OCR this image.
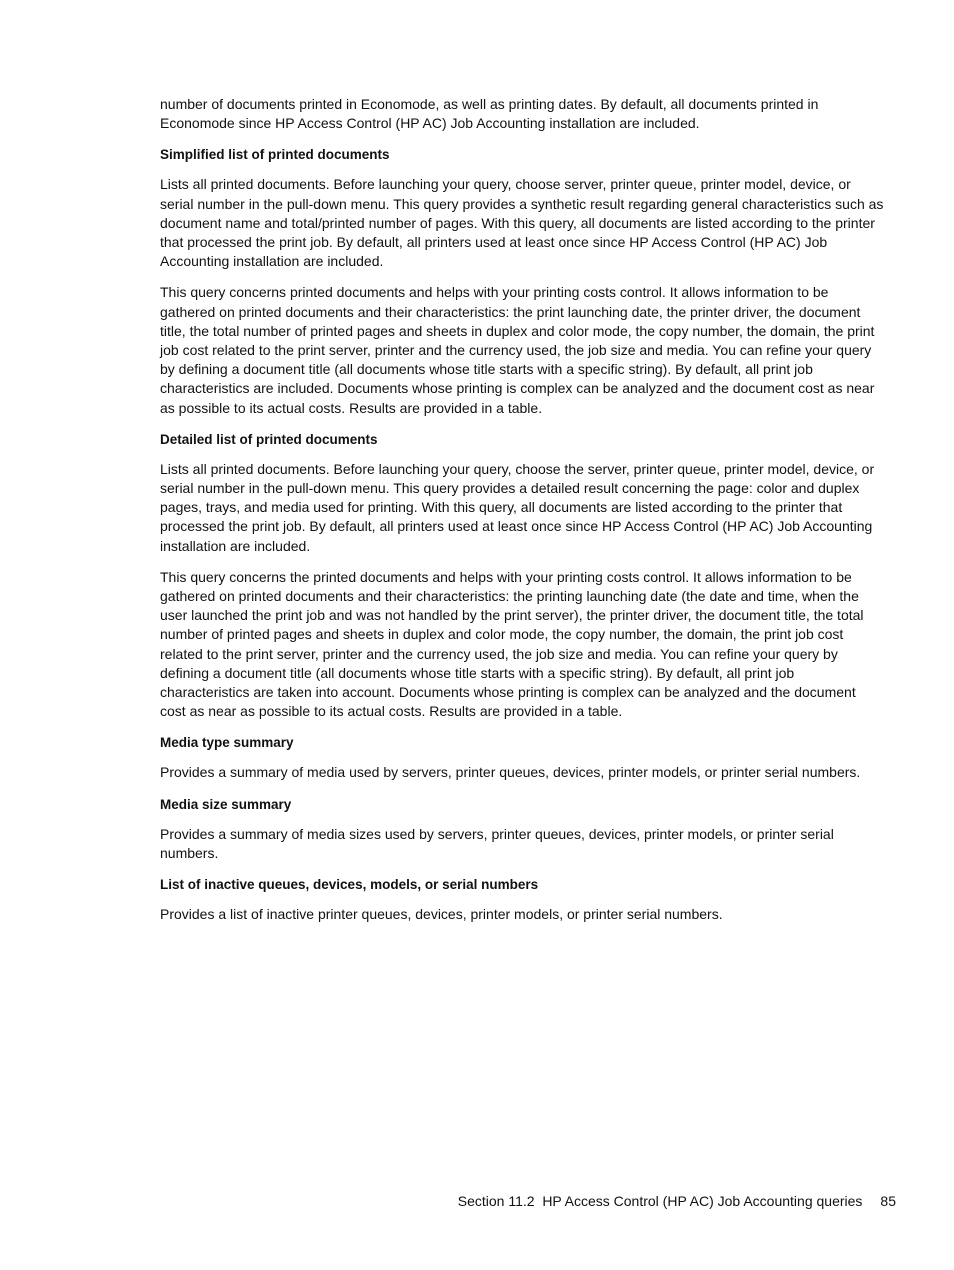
number of documents printed in Economode, as well as printing dates. By default, all documents printed in Economode since HP Access Control (HP AC) Job Accounting installation are included.

Simplified list of printed documents

Lists all printed documents. Before launching your query, choose server, printer queue, printer model, device, or serial number in the pull-down menu. This query provides a synthetic result regarding general characteristics such as document name and total/printed number of pages. With this query, all documents are listed according to the printer that processed the print job. By default, all printers used at least once since HP Access Control (HP AC) Job Accounting installation are included.

This query concerns printed documents and helps with your printing costs control. It allows information to be gathered on printed documents and their characteristics: the print launching date, the printer driver, the document title, the total number of printed pages and sheets in duplex and color mode, the copy number, the domain, the print job cost related to the print server, printer and the currency used, the job size and media. You can refine your query by defining a document title (all documents whose title starts with a specific string). By default, all print job characteristics are included. Documents whose printing is complex can be analyzed and the document cost as near as possible to its actual costs. Results are provided in a table.

Detailed list of printed documents

Lists all printed documents. Before launching your query, choose the server, printer queue, printer model, device, or serial number in the pull-down menu. This query provides a detailed result concerning the page: color and duplex pages, trays, and media used for printing. With this query, all documents are listed according to the printer that processed the print job. By default, all printers used at least once since HP Access Control (HP AC) Job Accounting installation are included.

This query concerns the printed documents and helps with your printing costs control. It allows information to be gathered on printed documents and their characteristics: the printing launching date (the date and time, when the user launched the print job and was not handled by the print server), the printer driver, the document title, the total number of printed pages and sheets in duplex and color mode, the copy number, the domain, the print job cost related to the print server, printer and the currency used, the job size and media. You can refine your query by defining a document title (all documents whose title starts with a specific string). By default, all print job characteristics are taken into account. Documents whose printing is complex can be analyzed and the document cost as near as possible to its actual costs. Results are provided in a table.

Media type summary

Provides a summary of media used by servers, printer queues, devices, printer models, or printer serial numbers.

Media size summary

Provides a summary of media sizes used by servers, printer queues, devices, printer models, or printer serial numbers.

List of inactive queues, devices, models, or serial numbers

Provides a list of inactive printer queues, devices, printer models, or printer serial numbers.

Section 11.2  HP Access Control (HP AC) Job Accounting queries 85
